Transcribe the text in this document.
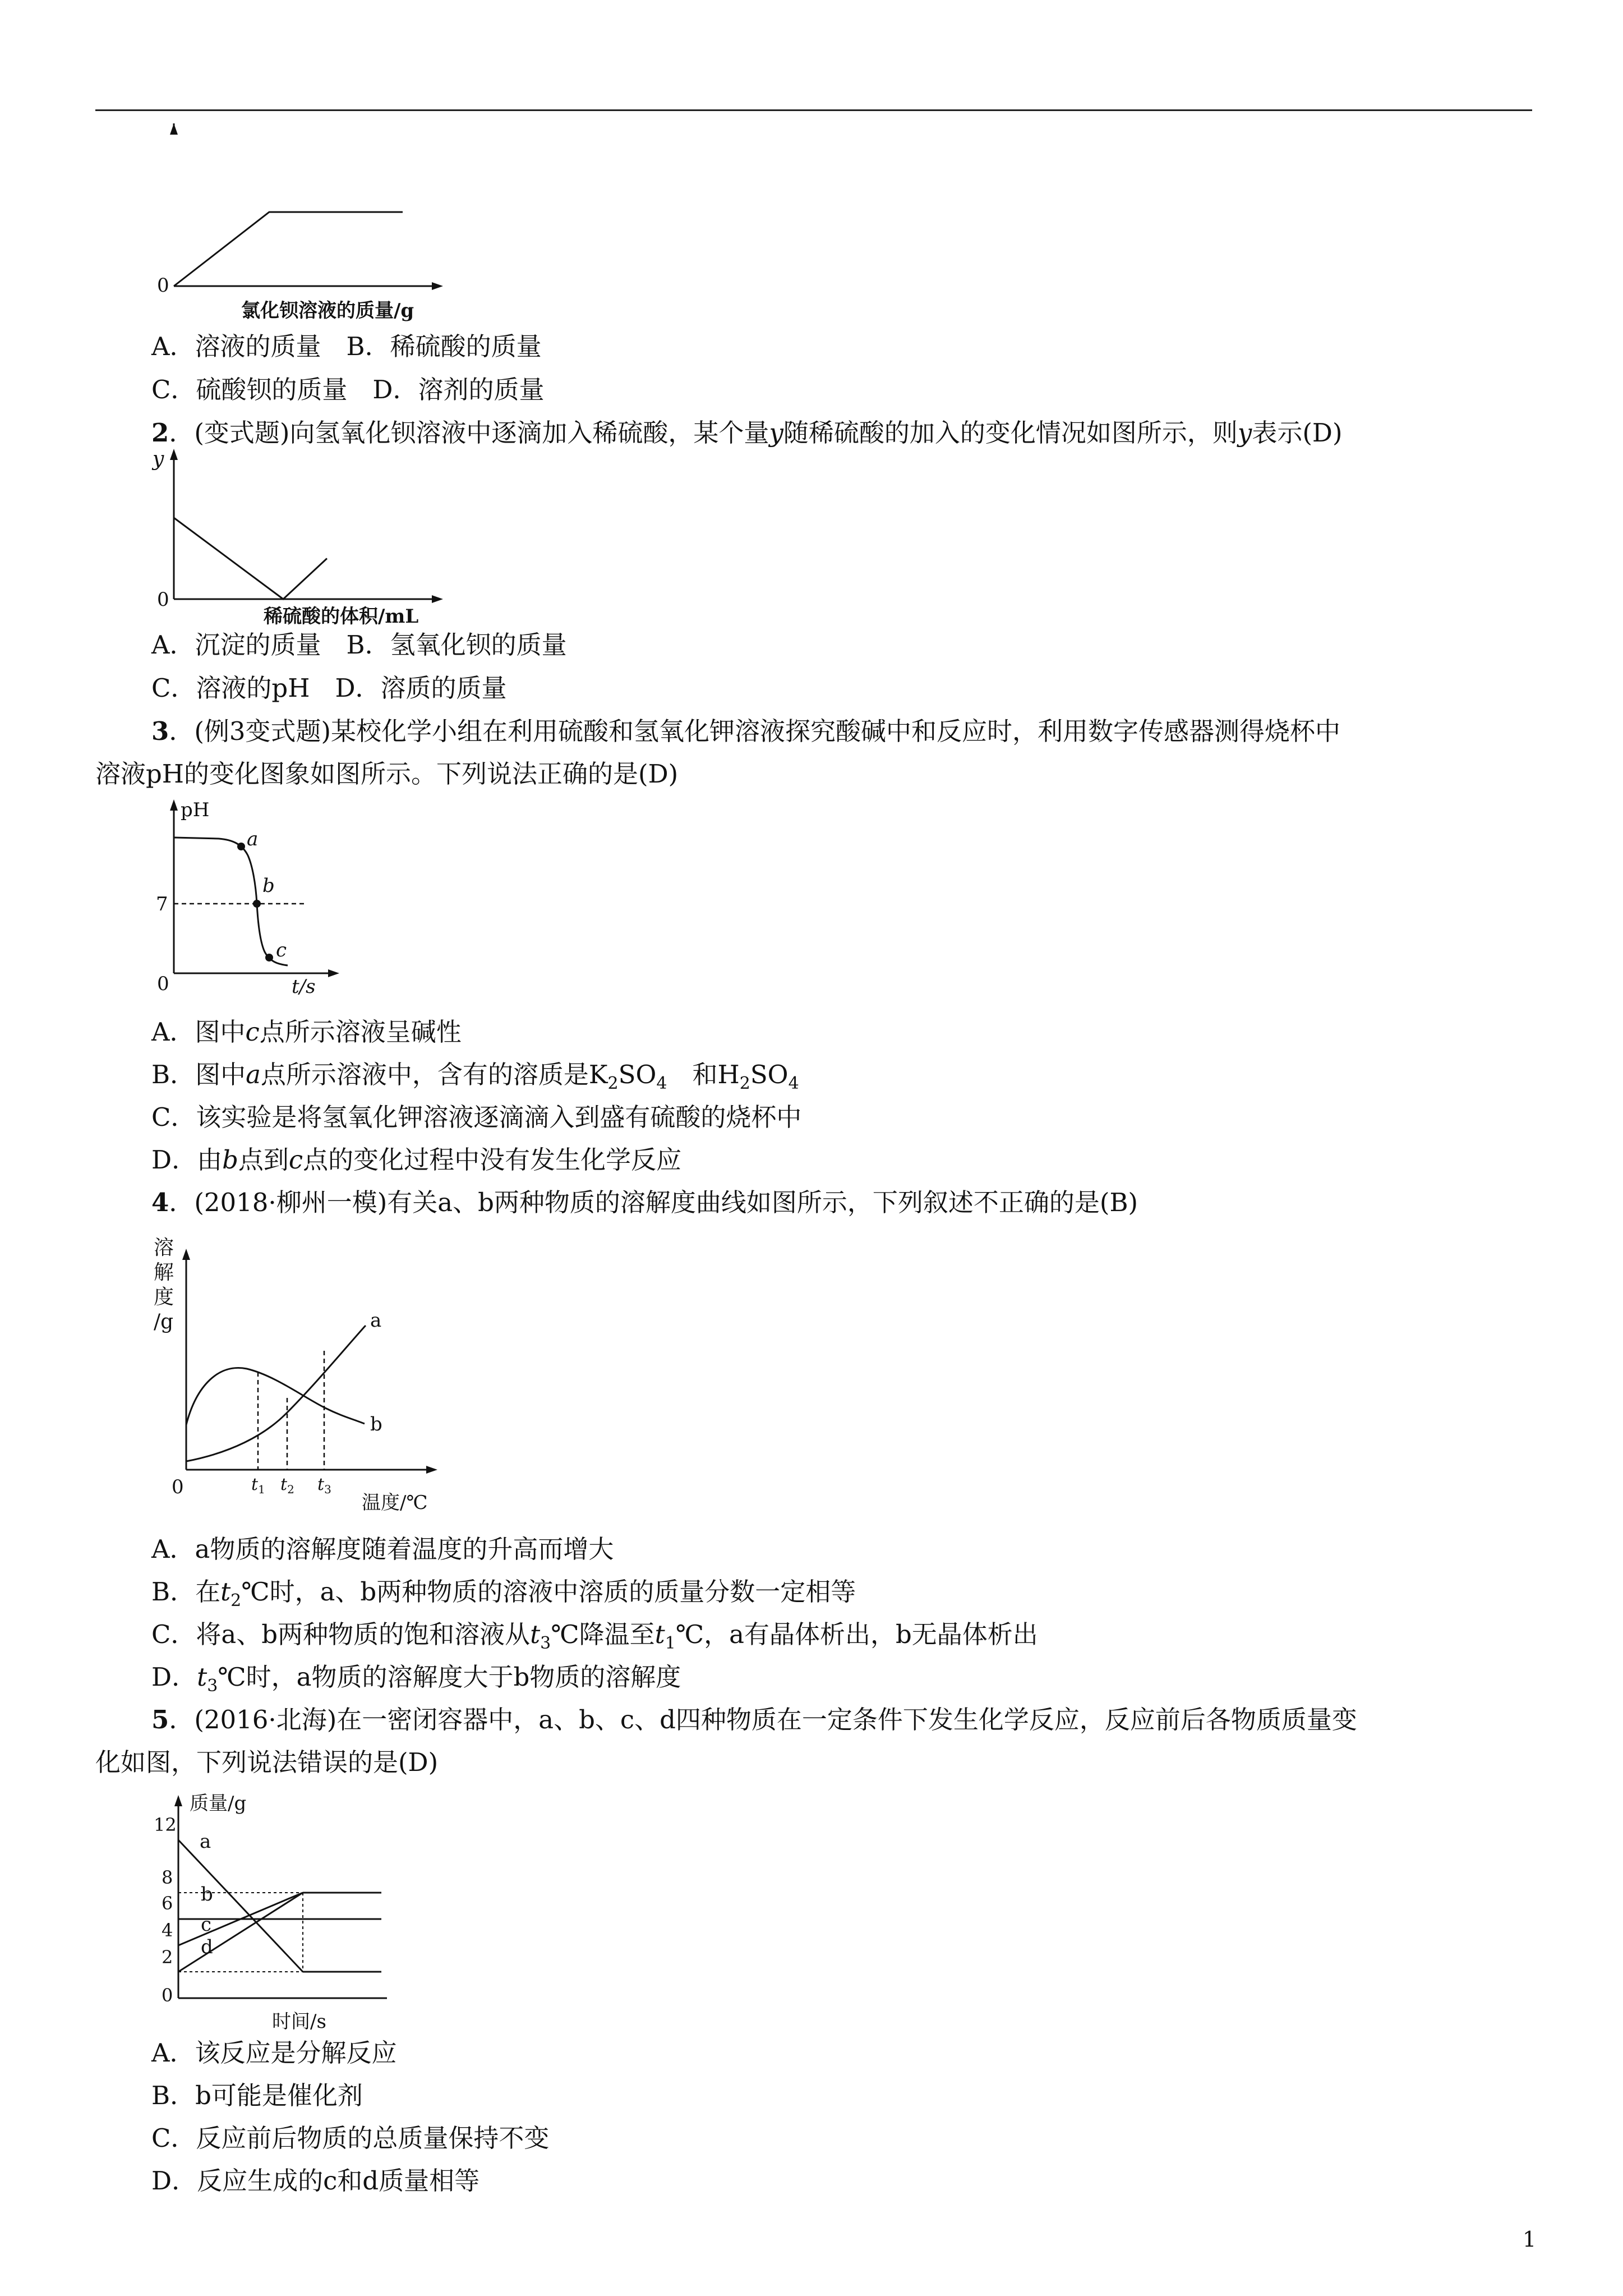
0
氯化钡溶液的质量/g
A．溶液的质量　B．稀硫酸的质量
C．硫酸钡的质量　D．溶剂的质量
2．(变式题)向氢氧化钡溶液中逐滴加入稀硫酸，某个量y随稀硫酸的加入的变化情况如图所示，则y表示(D)
y
0
稀硫酸的体积/mL
A．沉淀的质量　B．氢氧化钡的质量
C．溶液的pH　D．溶质的质量
3．(例3变式题)某校化学小组在利用硫酸和氢氧化钾溶液探究酸碱中和反应时，利用数字传感器测得烧杯中
溶液pH的变化图象如图所示。下列说法正确的是(D)
pH
0
7
a
b
c
t/s
A．图中c点所示溶液呈碱性
B．图中a点所示溶液中，含有的溶质是$K_2SO_4$　 和$H_2SO_4$
C．该实验是将氢氧化钾溶液逐滴滴入到盛有硫酸的烧杯中
D．由b点到c点的变化过程中没有发生化学反应
4．(2018·柳州一模)有关a、b两种物质的溶解度曲线如图所示，下列叙述不正确的是(B)
溶
解
度
/g	a
b
0	$t_1$ $t_2$ $t_3$
温度/℃
A．a物质的溶解度随着温度的升高而增大
B．在$t_2℃$时，a、b两种物质的溶液中溶质的质量分数一定相等
C．将a、b两种物质的饱和溶液从$t_3℃$降温至$t_1℃$，a有晶体析出，b无晶体析出
D．$t_3℃$时，a物质的溶解度大于b物质的溶解度
5．(2016·北海)在一密闭容器中，a、b、c、d四种物质在一定条件下发生化学反应，反应前后各物质质量变
化如图，下列说法错误的是(D)
质量/g
12
8
6
4
2
0
a
b
c
d
时间/s
A．该反应是分解反应
B．b可能是催化剂
C．反应前后物质的总质量保持不变
D．反应生成的c和d质量相等
1
